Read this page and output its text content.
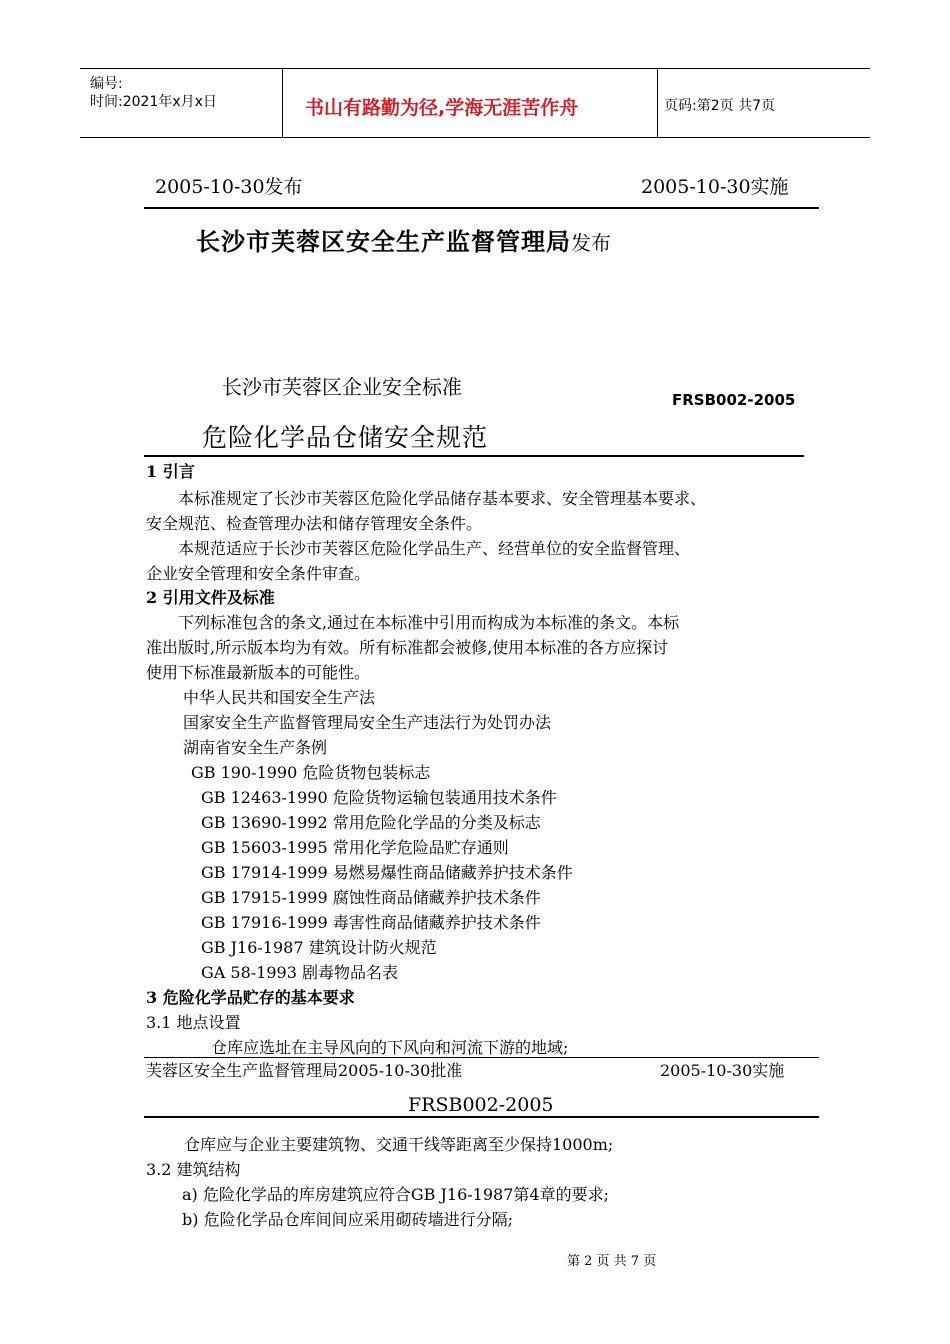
编号:
时间:2021年x月x日	书山有路勤为径,学海无涯苦作舟	页码:第2页 共7页
2005-10-30发布	2005-10-30实施
长沙市芙蓉区安全生产监督管理局发布
长沙市芙蓉区企业安全标准
FRSB002-2005
危险化学品仓储安全规范
1 引言
本标准规定了长沙市芙蓉区危险化学品储存基本要求、安全管理基本要求、
安全规范、检查管理办法和储存管理安全条件。
本规范适应于长沙市芙蓉区危险化学品生产、经营单位的安全监督管理、
企业安全管理和安全条件审查。
2 引用文件及标准
下列标准包含的条文,通过在本标准中引用而构成为本标准的条文。本标
准出版时,所示版本均为有效。所有标准都会被修,使用本标准的各方应探讨
使用下标准最新版本的可能性。
中华人民共和国安全生产法
国家安全生产监督管理局安全生产违法行为处罚办法
湖南省安全生产条例
GB 190-1990 危险货物包装标志
GB 12463-1990 危险货物运输包装通用技术条件
GB 13690-1992 常用危险化学品的分类及标志
GB 15603-1995 常用化学危险品贮存通则
GB 17914-1999 易燃易爆性商品储藏养护技术条件
GB 17915-1999 腐蚀性商品储藏养护技术条件
GB 17916-1999 毒害性商品储藏养护技术条件
GB J16-1987 建筑设计防火规范
GA 58-1993 剧毒物品名表
3 危险化学品贮存的基本要求
3.1 地点设置
仓库应选址在主导风向的下风向和河流下游的地域;
芙蓉区安全生产监督管理局2005-10-30批准	2005-10-30实施
FRSB002-2005
仓库应与企业主要建筑物、交通干线等距离至少保持1000m;
3.2 建筑结构
a) 危险化学品的库房建筑应符合GB J16-1987第4章的要求;
b) 危险化学品仓库间间应采用砌砖墙进行分隔;
第 2 页 共 7 页
